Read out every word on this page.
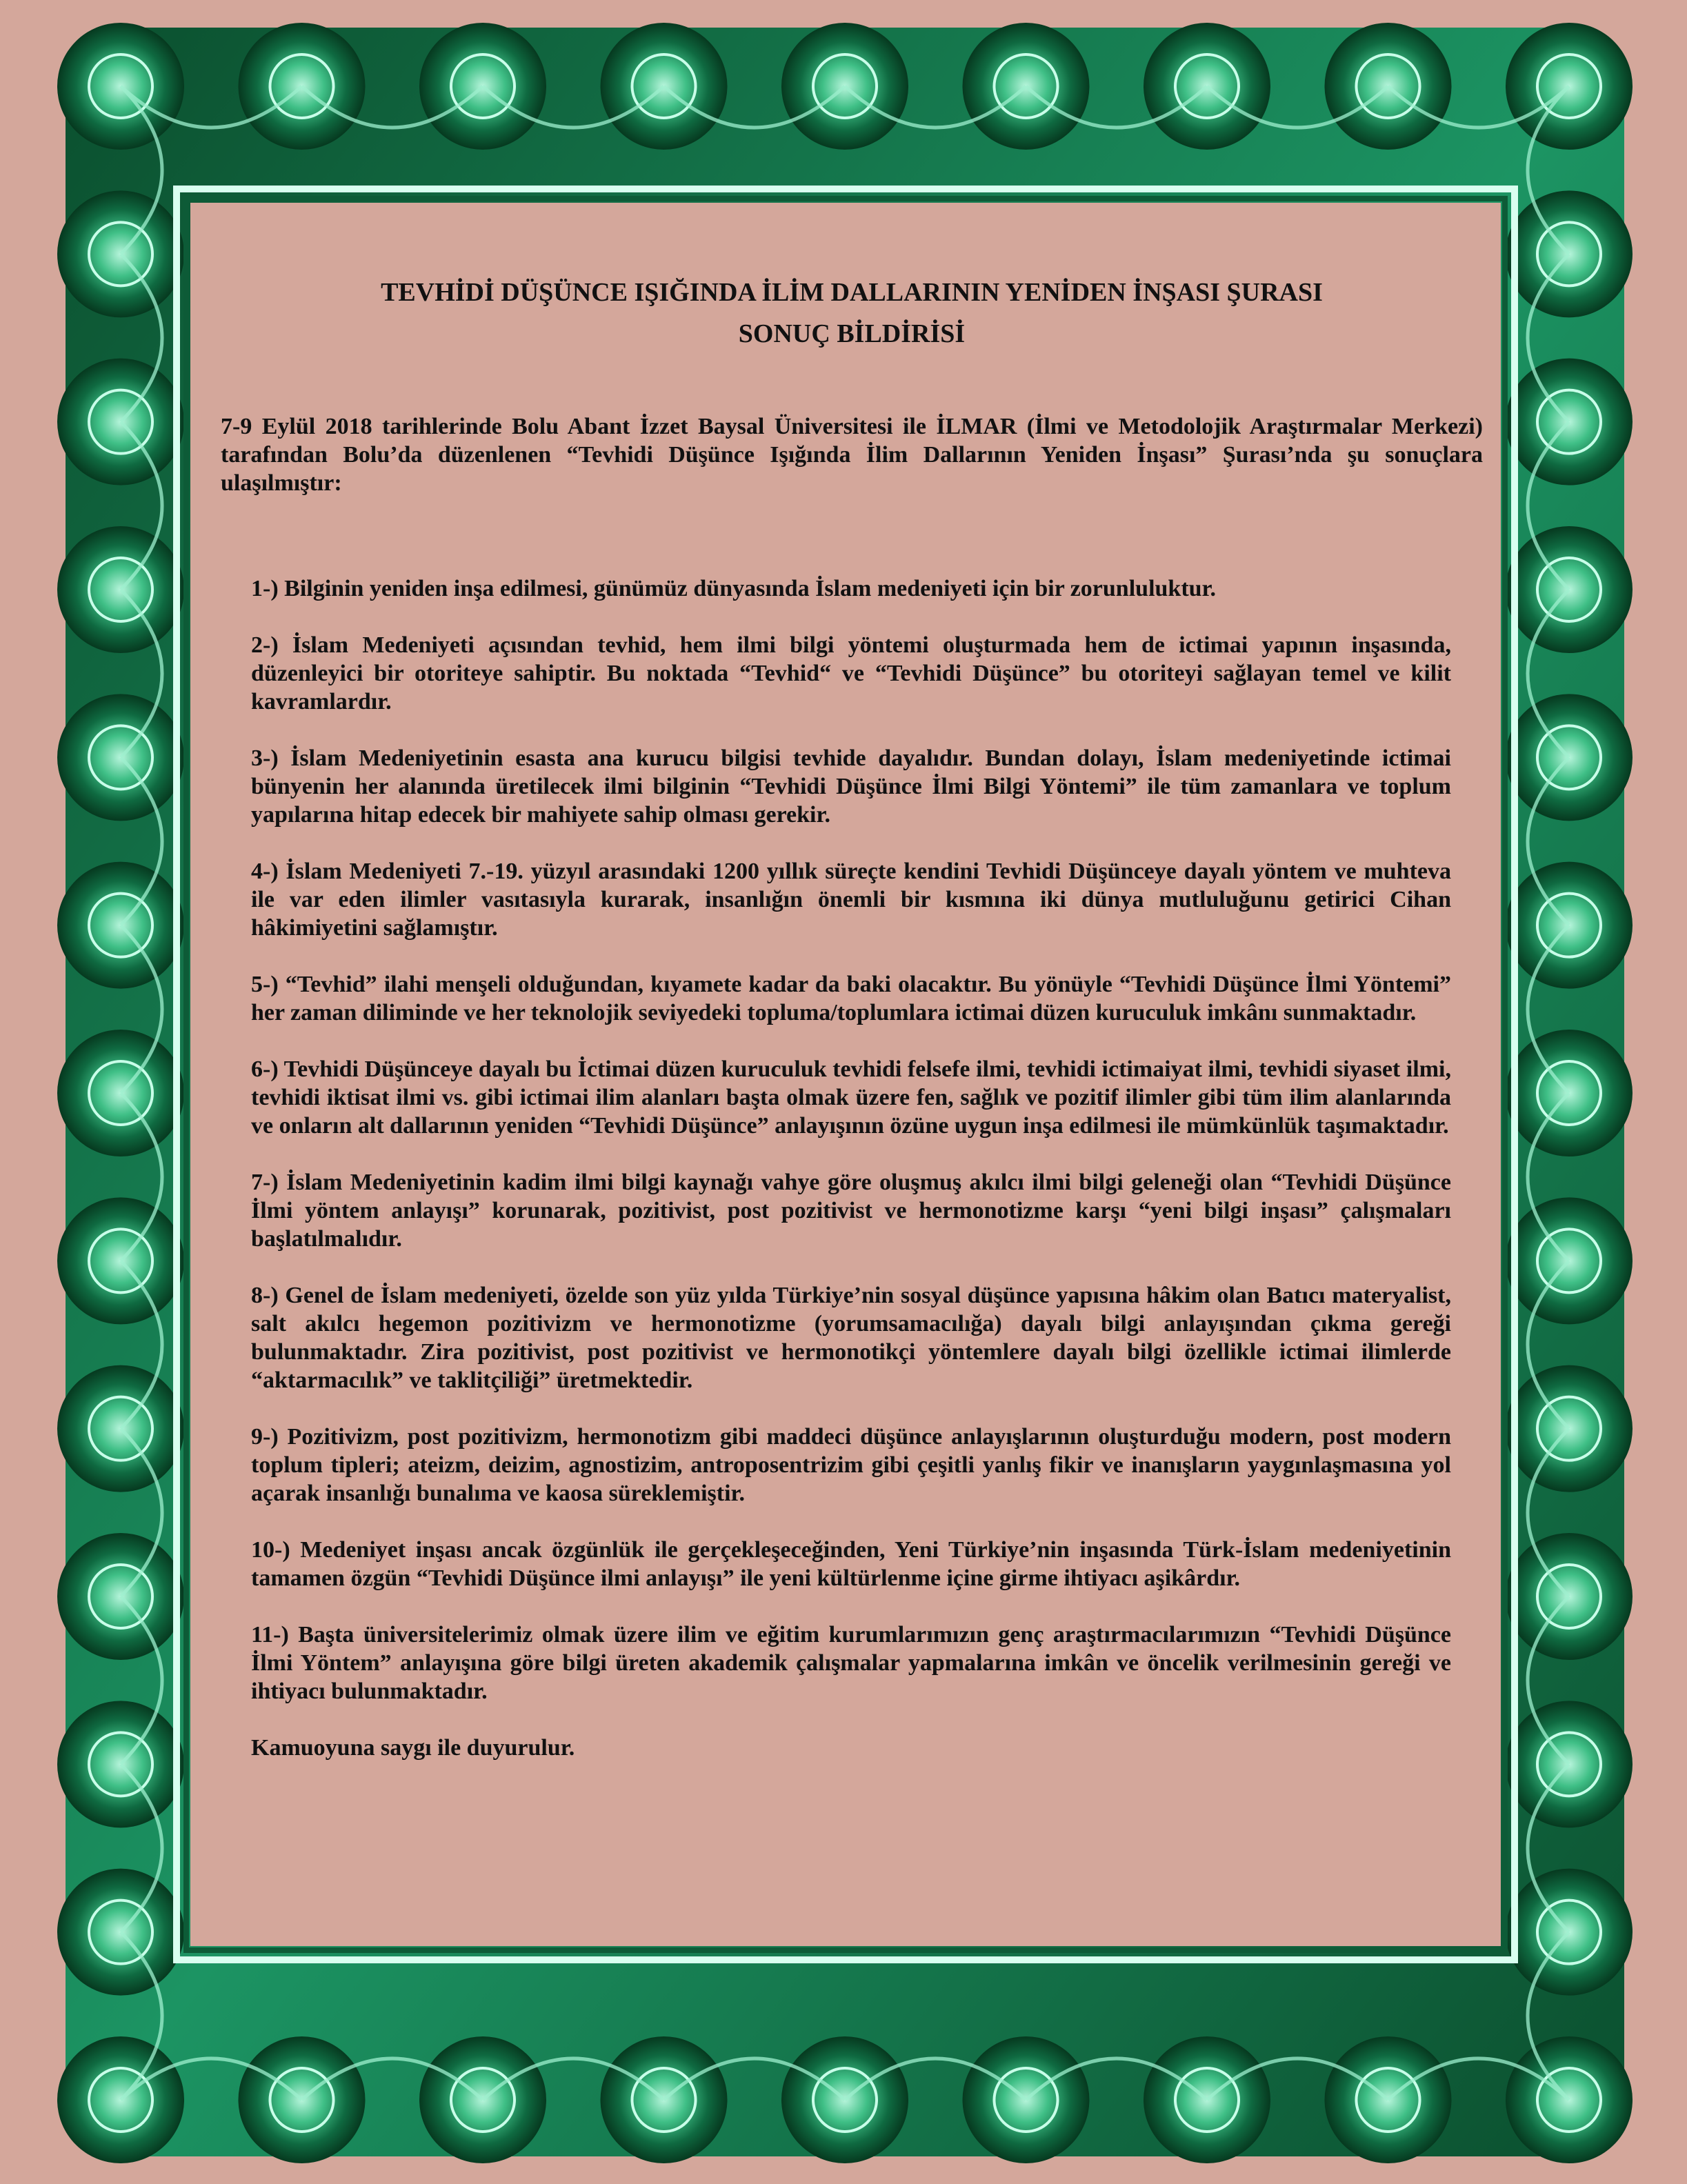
TEVHİDİ DÜŞÜNCE IŞIĞINDA İLİM DALLARININ YENİDEN İNŞASI ŞURASI
SONUÇ BİLDİRİSİ

7-9 Eylül 2018 tarihlerinde Bolu Abant İzzet Baysal Üniversitesi ile İLMAR (İlmi ve Metodolojik Araştırmalar Merkezi) tarafından Bolu’da düzenlenen “Tevhidi Düşünce Işığında İlim Dallarının Yeniden İnşası” Şurası’nda şu sonuçlara ulaşılmıştır:

1-) Bilginin yeniden inşa edilmesi, günümüz dünyasında İslam medeniyeti için bir zorunluluktur.

2-) İslam Medeniyeti açısından tevhid, hem ilmi bilgi yöntemi oluşturmada hem de ictimai yapının inşasında, düzenleyici bir otoriteye sahiptir. Bu noktada “Tevhid“ ve “Tevhidi Düşünce” bu otoriteyi sağlayan temel ve kilit kavramlardır.

3-) İslam Medeniyetinin esasta ana kurucu bilgisi tevhide dayalıdır. Bundan dolayı, İslam medeniyetinde ictimai bünyenin her alanında üretilecek ilmi bilginin “Tevhidi Düşünce İlmi Bilgi Yöntemi” ile tüm zamanlara ve toplum yapılarına hitap edecek bir mahiyete sahip olması gerekir.

4-) İslam Medeniyeti 7.-19. yüzyıl arasındaki 1200 yıllık süreçte kendini Tevhidi Düşünceye dayalı yöntem ve muhteva ile var eden ilimler vasıtasıyla kurarak, insanlığın önemli bir kısmına iki dünya mutluluğunu getirici Cihan hâkimiyetini sağlamıştır.

5-) “Tevhid” ilahi menşeli olduğundan, kıyamete kadar da baki olacaktır. Bu yönüyle “Tevhidi Düşünce İlmi Yöntemi” her zaman diliminde ve her teknolojik seviyedeki topluma/toplumlara ictimai düzen kuruculuk imkânı sunmaktadır.

6-) Tevhidi Düşünceye dayalı bu İctimai düzen kuruculuk tevhidi felsefe ilmi, tevhidi ictimaiyat ilmi, tevhidi siyaset ilmi, tevhidi iktisat ilmi vs. gibi ictimai ilim alanları başta olmak üzere fen, sağlık ve pozitif ilimler gibi tüm ilim alanlarında ve onların alt dallarının yeniden “Tevhidi Düşünce” anlayışının özüne uygun inşa edilmesi ile mümkünlük taşımaktadır.

7-) İslam Medeniyetinin kadim ilmi bilgi kaynağı vahye göre oluşmuş akılcı ilmi bilgi geleneği olan “Tevhidi Düşünce İlmi yöntem anlayışı” korunarak, pozitivist, post pozitivist ve hermonotizme karşı “yeni bilgi inşası” çalışmaları başlatılmalıdır.

8-) Genel de İslam medeniyeti, özelde son yüz yılda Türkiye’nin sosyal düşünce yapısına hâkim olan Batıcı materyalist, salt akılcı hegemon pozitivizm ve hermonotizme (yorumsamacılığa) dayalı bilgi anlayışından çıkma gereği bulunmaktadır. Zira pozitivist, post pozitivist ve hermonotikçi yöntemlere dayalı bilgi özellikle ictimai ilimlerde “aktarmacılık” ve taklitçiliği” üretmektedir.

9-) Pozitivizm, post pozitivizm, hermonotizm gibi maddeci düşünce anlayışlarının oluşturduğu modern, post modern toplum tipleri; ateizm, deizim, agnostizim, antroposentrizim gibi çeşitli yanlış fikir ve inanışların yaygınlaşmasına yol açarak insanlığı bunalıma ve kaosa süreklemiştir.

10-) Medeniyet inşası ancak özgünlük ile gerçekleşeceğinden, Yeni Türkiye’nin inşasında Türk-İslam medeniyetinin tamamen özgün “Tevhidi Düşünce ilmi anlayışı” ile yeni kültürlenme içine girme ihtiyacı aşikârdır.

11-) Başta üniversitelerimiz olmak üzere ilim ve eğitim kurumlarımızın genç araştırmacılarımızın “Tevhidi Düşünce İlmi Yöntem” anlayışına göre bilgi üreten akademik çalışmalar yapmalarına imkân ve öncelik verilmesinin gereği ve ihtiyacı bulunmaktadır.

Kamuoyuna saygı ile duyurulur.
